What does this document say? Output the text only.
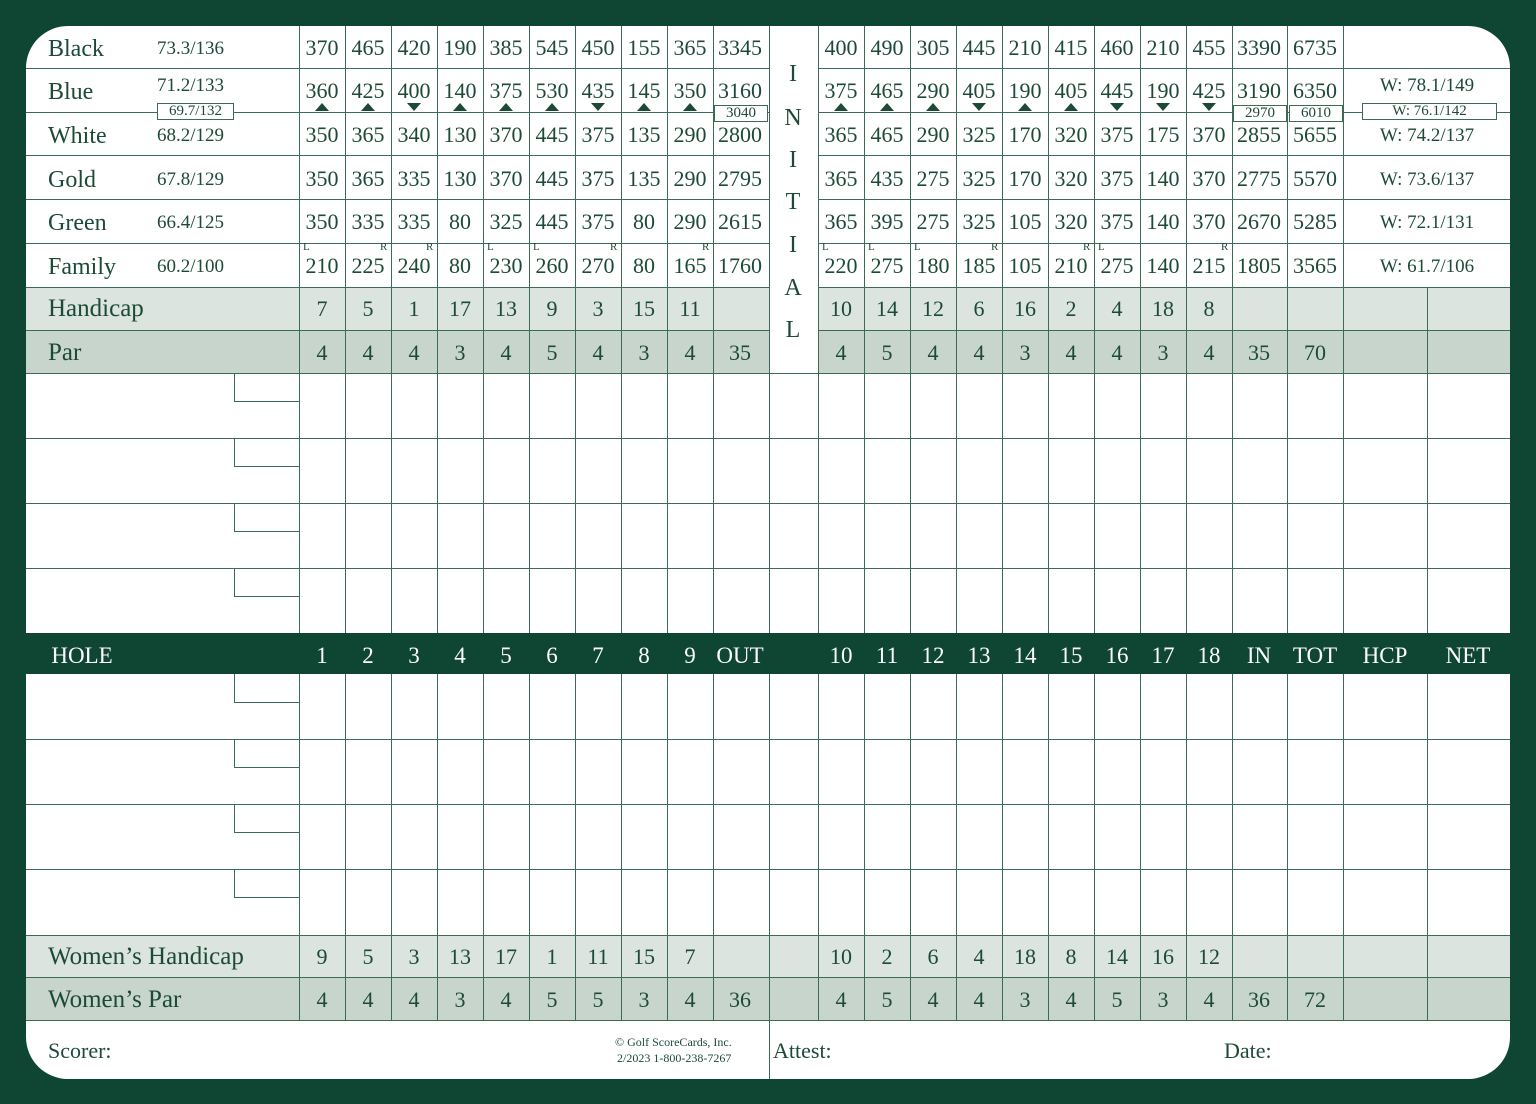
Black	73.3/136	370 465 420 190 385 545 450 155 365 3345	400 490 305 445 210 415 460 210 455 3390 6735
Blue	71.2/133	360 425 400 140 375 530 435 145 350 3160	375 465 290 405 190 405 445 190 425 3190 6350 W: 78.1/149
White	68.2/129	350 365 340 130 370 445 375 135 290 2800	365 465 290 325 170 320 375 175 370 2855 5655 W: 74.2/137
Gold	67.8/129	350 365 335 130 370 445 375 135 290 2795	365 435 275 325 170 320 375 140 370 2775 5570 W: 73.6/137
Green	66.4/125	350 335 335 80 325 445 375 80 290 2615	365 395 275 325 105 320 375 140 370 2670 5285 W: 72.1/131
Family 60.2/100	210 225 240 80 230 260 270 80 165 1760	220 275 180 185 105 210 275 140 215 1805 3565 W: 61.7/106
69.7/132	3040	2970	6010	W: 76.1/142
L	R	R	L	L	R	R	L	L	L	R	R L	R
I
N
I
T
I
A
L
Handicap	7 5 1 17 13 9 3 15 11	10 14 12 6 16 2 4 18 8
Par	4 4 4 3 4 5 4 3 4 35	4 5 4 4 3 4 4 3 4 35 70
Women’s Handicap	9 5 3 13 17 1 11 15 7	10 2 6 4 18 8 14 16 12
Women’s Par	4 4 4 3 4 5 5 3 4 36	4 5 4 4 3 4 5 3 4 36 72
HOLE	1 2 3 4 5 6 7 8 9 OUT	10 11 12 13 14 15 16 17 18 IN TOT HCP NET
Scorer:	Attest:	Date:
© Golf ScoreCards, Inc.
2/2023 1-800-238-7267
